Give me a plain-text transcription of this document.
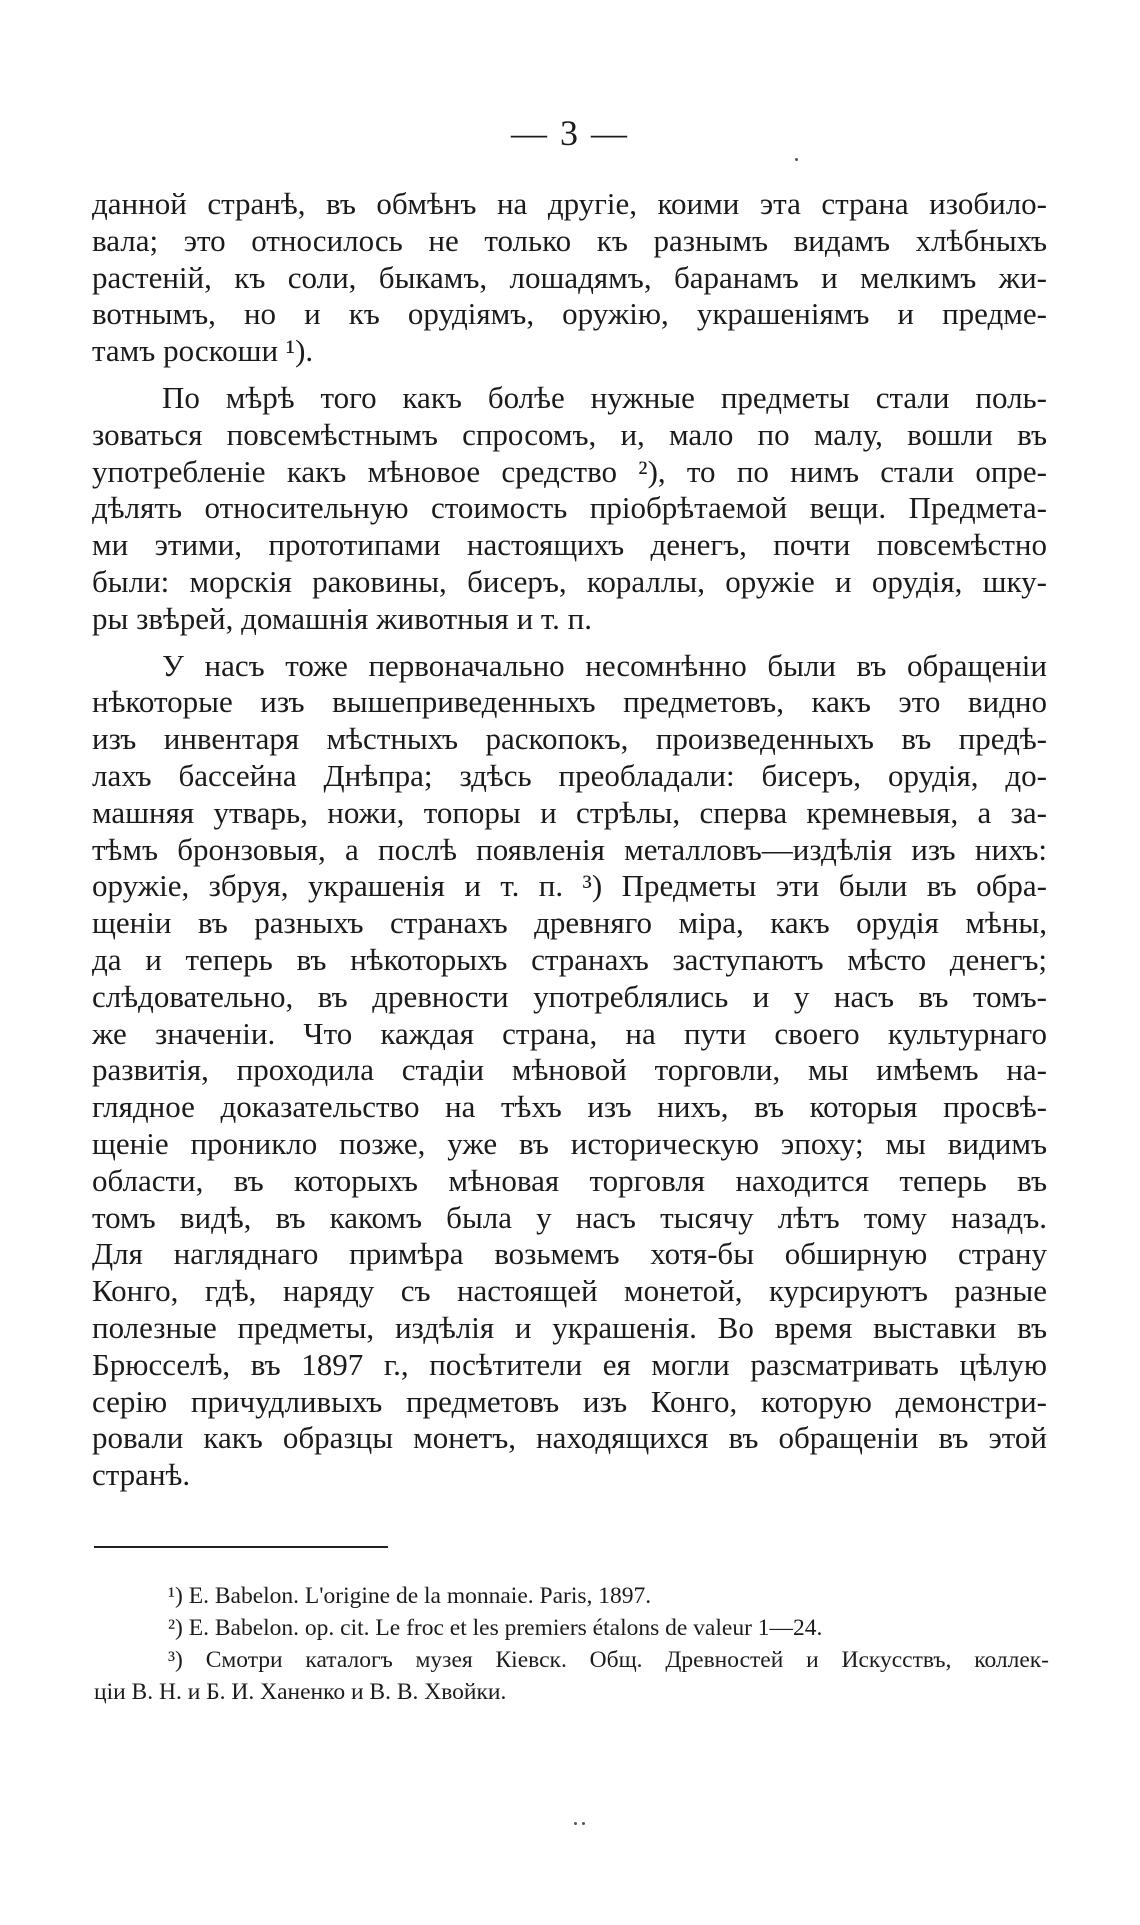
— 3 —
данной странѣ, въ обмѣнъ на другіе, коими эта страна изобило-
вала; это относилось не только къ разнымъ видамъ хлѣбныхъ
растеній, къ соли, быкамъ, лошадямъ, баранамъ и мелкимъ жи-
вотнымъ, но и къ орудіямъ, оружію, украшеніямъ и предме-
тамъ роскоши ¹).
По мѣрѣ того какъ болѣе нужные предметы стали поль-
зоваться повсемѣстнымъ спросомъ, и, мало по малу, вошли въ
употребленіе какъ мѣновое средство ²), то по нимъ стали опре-
дѣлять относительную стоимость пріобрѣтаемой вещи. Предмета-
ми этими, прототипами настоящихъ денегъ, почти повсемѣстно
были: морскія раковины, бисеръ, кораллы, оружіе и орудія, шку-
ры звѣрей, домашнія животныя и т. п.
У насъ тоже первоначально несомнѣнно были въ обращеніи
нѣкоторые изъ вышеприведенныхъ предметовъ, какъ это видно
изъ инвентаря мѣстныхъ раскопокъ, произведенныхъ въ предѣ-
лахъ бассейна Днѣпра; здѣсь преобладали: бисеръ, орудія, до-
машняя утварь, ножи, топоры и стрѣлы, сперва кремневыя, а за-
тѣмъ бронзовыя, а послѣ появленія металловъ—издѣлія изъ нихъ:
оружіе, збруя, украшенія и т. п. ³) Предметы эти были въ обра-
щеніи въ разныхъ странахъ древняго міра, какъ орудія мѣны,
да и теперь въ нѣкоторыхъ странахъ заступаютъ мѣсто денегъ;
слѣдовательно, въ древности употреблялись и у насъ въ томъ-
же значеніи. Что каждая страна, на пути своего культурнаго
развитія, проходила стадіи мѣновой торговли, мы имѣемъ на-
глядное доказательство на тѣхъ изъ нихъ, въ которыя просвѣ-
щеніе проникло позже, уже въ историческую эпоху; мы видимъ
области, въ которыхъ мѣновая торговля находится теперь въ
томъ видѣ, въ какомъ была у насъ тысячу лѣтъ тому назадъ.
Для нагляднаго примѣра возьмемъ хотя-бы обширную страну
Конго, гдѣ, наряду съ настоящей монетой, курсируютъ разные
полезные предметы, издѣлія и украшенія. Во время выставки въ
Брюсселѣ, въ 1897 г., посѣтители ея могли разсматривать цѣлую
серію причудливыхъ предметовъ изъ Конго, которую демонстри-
ровали какъ образцы монетъ, находящихся въ обращеніи въ этой
странѣ.
¹) E. Babelon. L'origine de la monnaie. Paris, 1897.
²) E. Babelon. op. cit. Le froc et les premiers étalons de valeur 1—24.
³) Смотри каталогъ музея Кіевск. Общ. Древностей и Искусствъ, коллек-
ціи В. Н. и Б. И. Ханенко и В. В. Хвойки.
